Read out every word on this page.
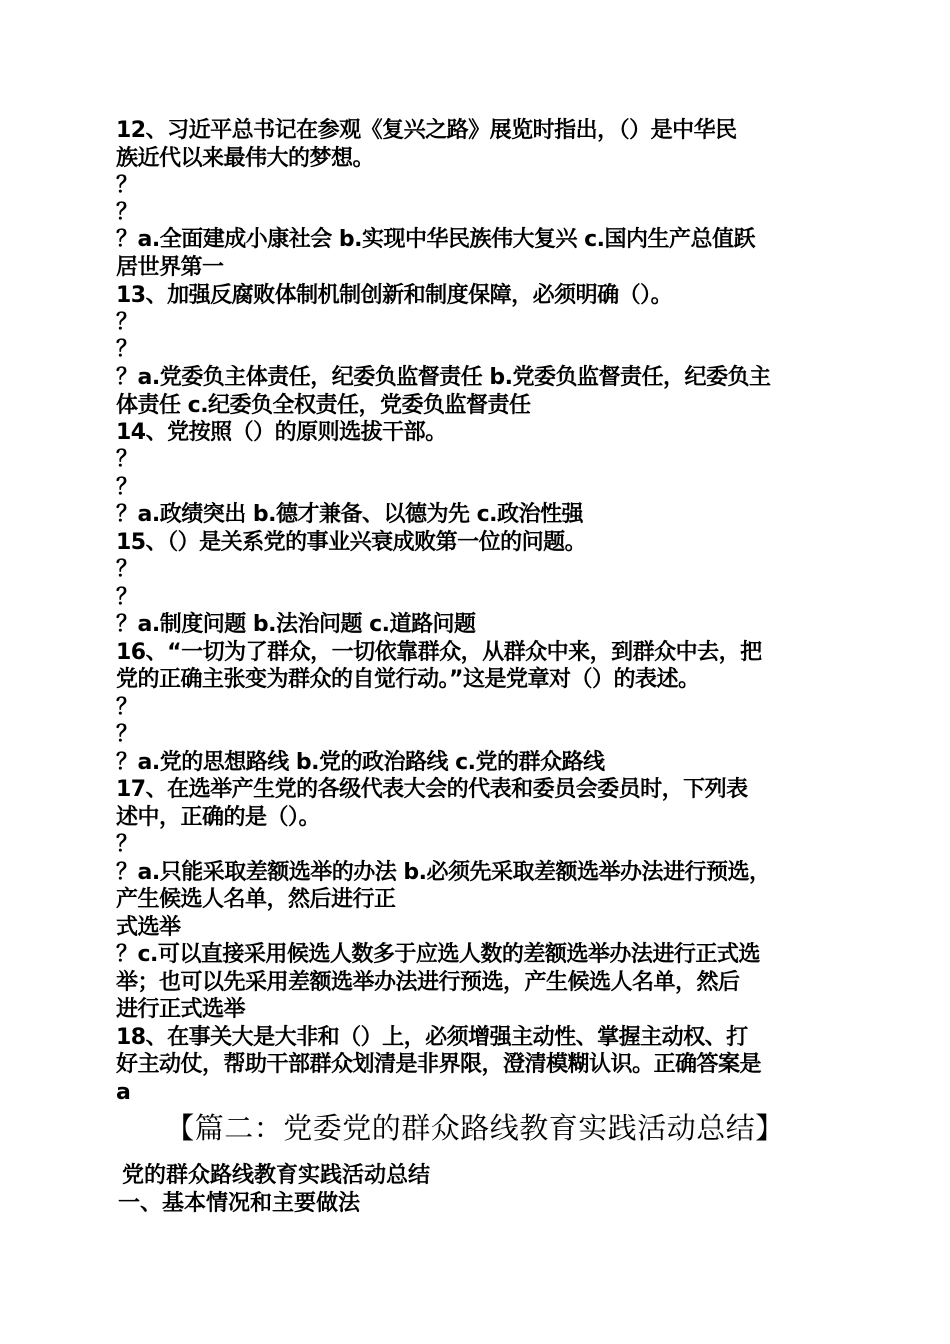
12、习近平总书记在参观《复兴之路》展览时指出，（）是中华民

族近代以来最伟大的梦想。

？

？

？a.全面建成小康社会 b.实现中华民族伟大复兴 c.国内生产总值跃

居世界第一

13、加强反腐败体制机制创新和制度保障，必须明确（）。

？

？

？a.党委负主体责任，纪委负监督责任 b.党委负监督责任，纪委负主

体责任 c.纪委负全权责任，党委负监督责任

14、党按照（）的原则选拔干部。

？

？

？a.政绩突出 b.德才兼备、以德为先 c.政治性强

15、（）是关系党的事业兴衰成败第一位的问题。

？

？

？a.制度问题 b.法治问题 c.道路问题

16、“一切为了群众，一切依靠群众，从群众中来，到群众中去，把

党的正确主张变为群众的自觉行动。”这是党章对（）的表述。

？

？

？a.党的思想路线 b.党的政治路线 c.党的群众路线

17、在选举产生党的各级代表大会的代表和委员会委员时，下列表

述中，正确的是（）。

？

？a.只能采取差额选举的办法 b.必须先采取差额选举办法进行预选，

产生候选人名单，然后进行正

式选举

？c.可以直接采用候选人数多于应选人数的差额选举办法进行正式选

举；也可以先采用差额选举办法进行预选，产生候选人名单，然后

进行正式选举

18、在事关大是大非和（）上，必须增强主动性、掌握主动权、打

好主动仗，帮助干部群众划清是非界限，澄清模糊认识。正确答案是

a

【篇二：党委党的群众路线教育实践活动总结】
党的群众路线教育实践活动总结
一、基本情况和主要做法
